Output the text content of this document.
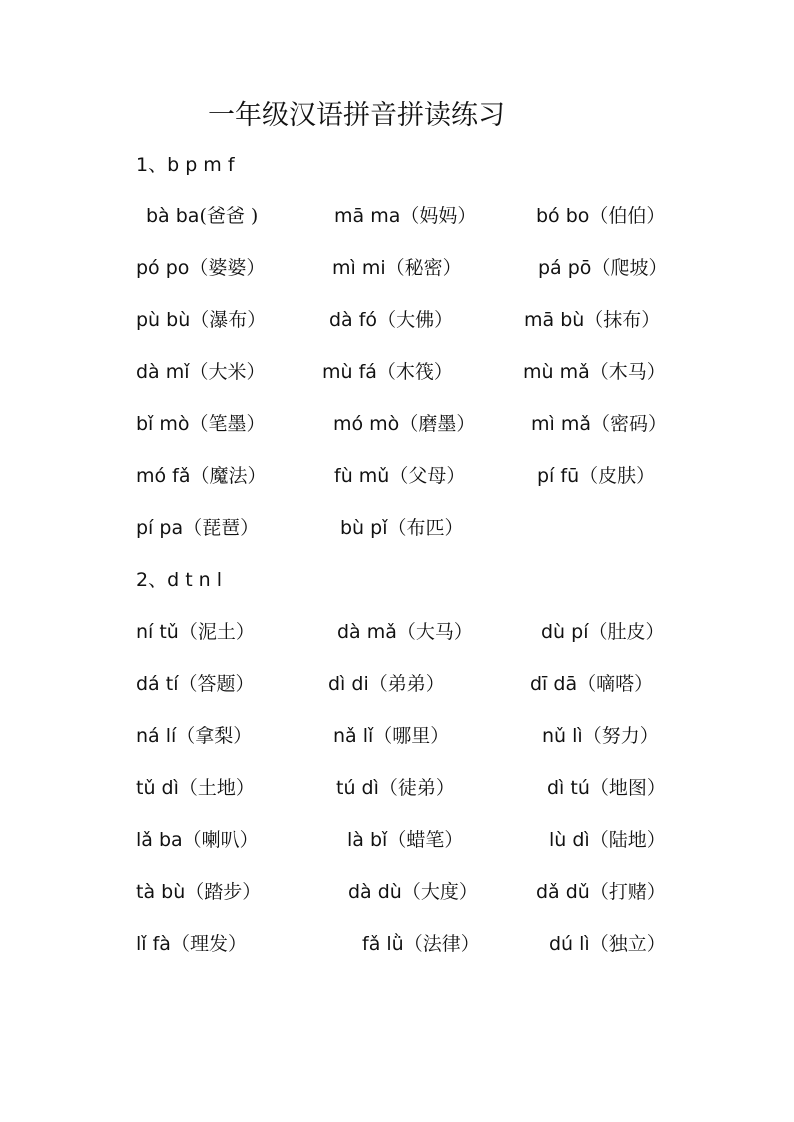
一年级汉语拼音拼读练习
1、b p m f
bà ba(爸爸 )	mā ma（妈妈）	bó bo（伯伯）
pó po（婆婆）	mì mi（秘密）	pá pō（爬坡）
pù bù（瀑布）	dà fó（大佛）	mā bù（抹布）
dà mǐ（大米）	mù fá（木筏）	mù mǎ（木马）
bǐ mò（笔墨）	mó mò（磨墨）	mì mǎ（密码）
mó fǎ（魔法）	fù mǔ（父母）	pí fū（皮肤）
pí pa（琵琶）	bù pǐ（布匹）
2、d t n l
ní tǔ（泥土）	dà mǎ（大马）	dù pí（肚皮）
dá tí（答题）	dì di（弟弟）	dī dā（嘀嗒）
ná lí（拿梨）	nǎ lǐ（哪里）	nǔ lì（努力）
tǔ dì（土地）	tú dì（徒弟）	dì tú（地图）
lǎ ba（喇叭）	là bǐ（蜡笔）	lù dì（陆地）
tà bù（踏步）	dà dù（大度）	dǎ dǔ（打赌）
lǐ fà（理发）	fǎ lǜ（法律）	dú lì（独立）
